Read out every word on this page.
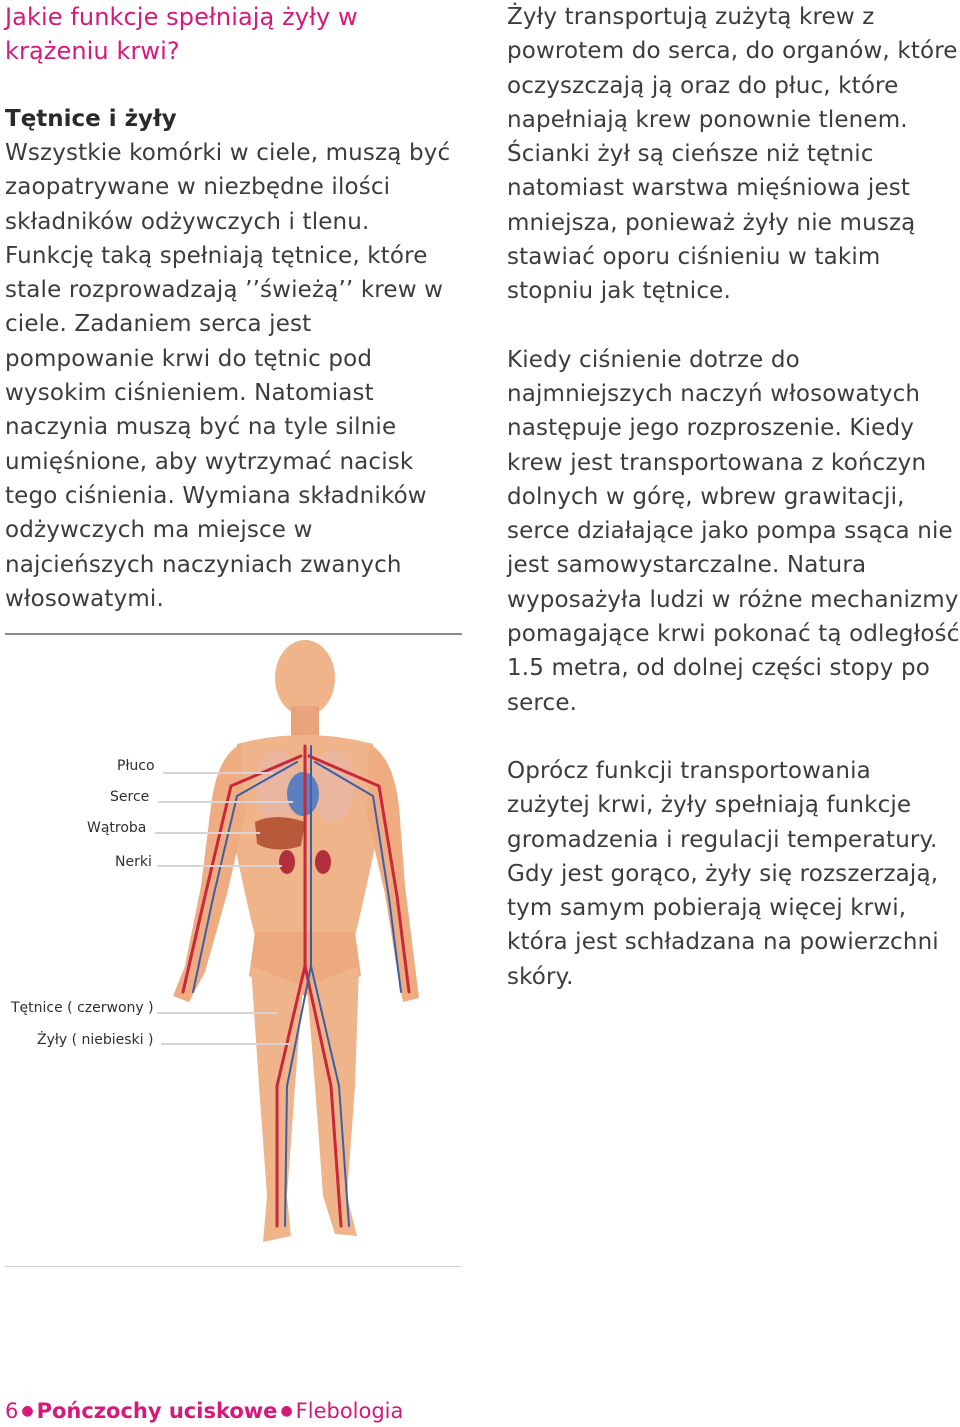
Jakie funkcje spełniają żyły w krążeniu krwi?
Tętnice i żyły

Wszystkie komórki w ciele, muszą być zaopatrywane w niezbędne ilości składników odżywczych i tlenu. Funkcję taką spełniają tętnice, które stale rozprowadzają ’’świeżą’’ krew w ciele. Zadaniem serca jest pompowanie krwi do tętnic pod wysokim ciśnieniem. Natomiast naczynia muszą być na tyle silnie umięśnione, aby wytrzymać nacisk tego ciśnienia. Wymiana składników odżywczych ma miejsce w najcieńszych naczyniach zwanych włosowatymi.

Żyły transportują zużytą krew z powrotem do serca, do organów, które oczyszczają ją oraz do płuc, które napełniają krew ponownie tlenem. Ścianki żył są cieńsze niż tętnic natomiast warstwa mięśniowa jest mniejsza, ponieważ żyły nie muszą stawiać oporu ciśnieniu w takim stopniu jak tętnice.

Kiedy ciśnienie dotrze do najmniejszych naczyń włosowatych następuje jego rozproszenie. Kiedy krew jest transportowana z kończyn dolnych w górę, wbrew grawitacji, serce działające jako pompa ssąca nie jest samowystarczalne. Natura wyposażyła ludzi w różne mechanizmy pomagające krwi pokonać tą odległość 1.5 metra, od dolnej części stopy po serce.

Oprócz funkcji transportowania zużytej krwi, żyły spełniają funkcje gromadzenia i regulacji temperatury. Gdy jest gorąco, żyły się rozszerzają, tym samym pobierają więcej krwi, która jest schładzana na powierzchni skóry.

Płuco
Serce
Wątroba
Nerki
Tętnice ( czerwony )
Żyły ( niebieski )
6 ● Pończochy uciskowe ● Flebologia
